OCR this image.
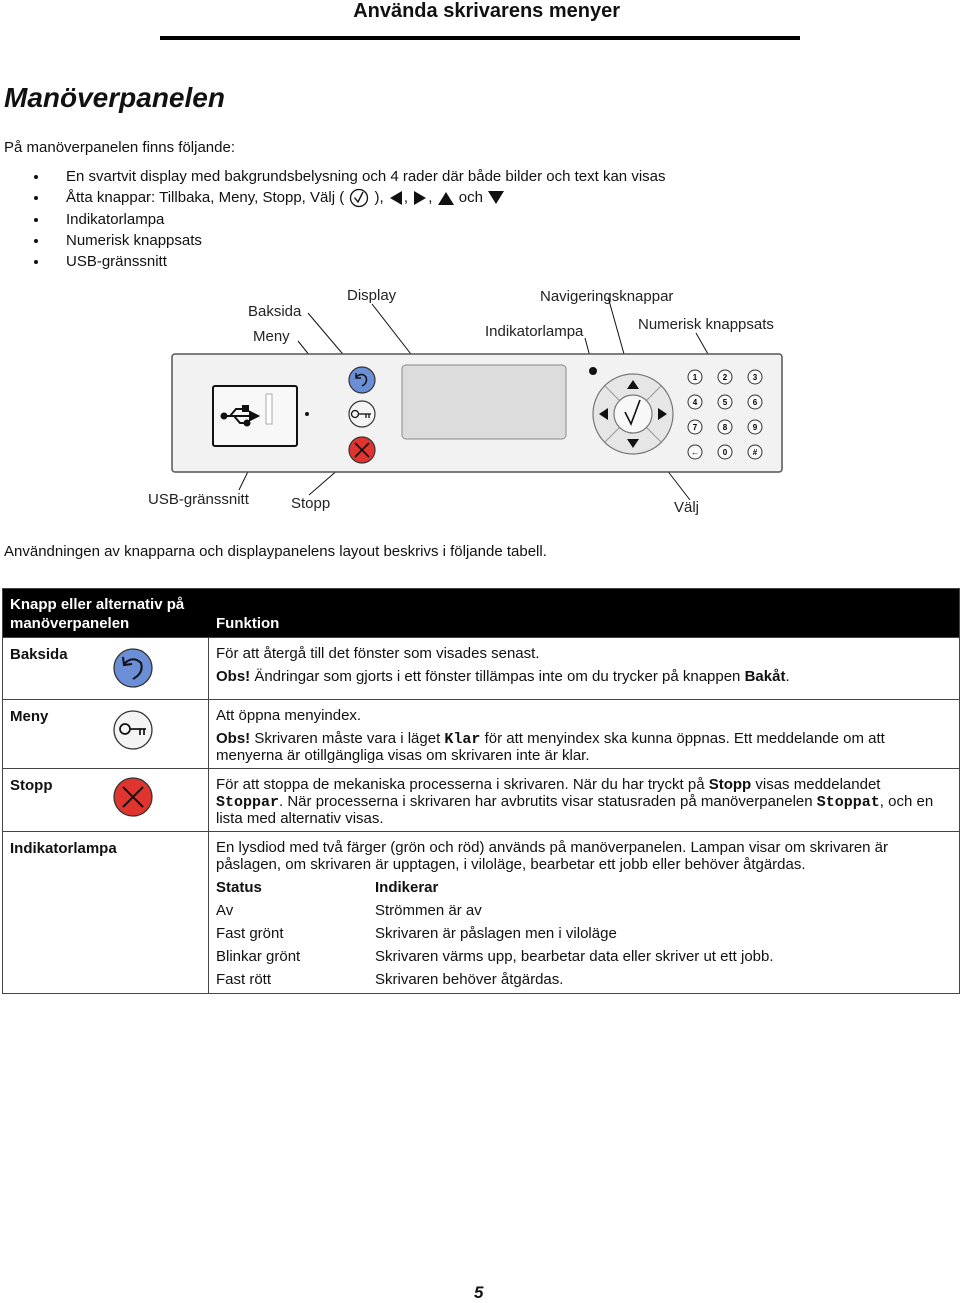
Använda skrivarens menyer
Manöverpanelen
På manöverpanelen finns följande:
En svartvit display med bakgrundsbelysning och 4 rader där både bilder och text kan visas
Åtta knappar: Tillbaka, Meny, Stopp, Välj ( ), , , och
Indikatorlampa
Numerisk knappsats
USB-gränssnitt
Baksida
Meny
Display	Navigeringsknappar
Indikatorlampa	Numerisk knappsats
USB-gränssnitt	Stopp	Välj
1	2	3
4	5	6
7	8	9
←	0	#
Användningen av knapparna och displaypanelens layout beskrivs i följande tabell.
Knapp eller alternativ på manöverpanelen	Funktion
Baksida	För att återgå till det fönster som visades senast.

Obs! Ändringar som gjorts i ett fönster tillämpas inte om du trycker på knappen Bakåt.

Meny	Att öppna menyindex.

Obs! Skrivaren måste vara i läget Klar för att menyindex ska kunna öppnas. Ett meddelande om att menyerna är otillgängliga visas om skrivaren inte är klar.

Stopp	För att stoppa de mekaniska processerna i skrivaren. När du har tryckt på Stopp visas meddelandet Stoppar. När processerna i skrivaren har avbrutits visar statusraden på manöverpanelen Stoppat, och en lista med alternativ visas.

Indikatorlampa	En lysdiod med två färger (grön och röd) används på manöverpanelen. Lampan visar om skrivaren är påslagen, om skrivaren är upptagen, i viloläge, bearbetar ett jobb eller behöver åtgärdas.

Status	Indikerar
Av	Strömmen är av
Fast grönt	Skrivaren är påslagen men i viloläge
Blinkar grönt	Skrivaren värms upp, bearbetar data eller skriver ut ett jobb.
Fast rött	Skrivaren behöver åtgärdas.
5
